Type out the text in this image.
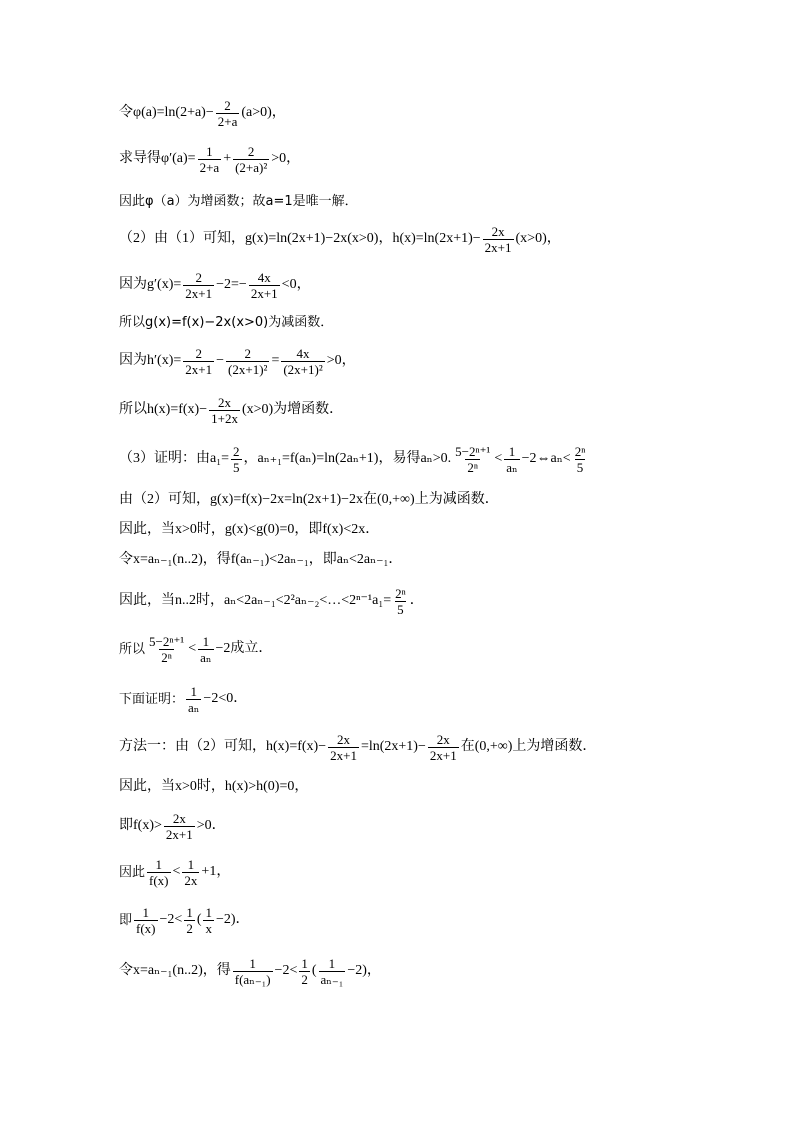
令$\varphi(a)=\ln(2+a)- \frac{2}{2+a} (a>0)$，
求导得$\varphi'(a)= \frac{1}{2+a} + \frac{2}{\text{(2+a)²}} >0$，
因此φ（a）为增函数；故a=1是唯一解．
（2）由（1）可知，g(x)=ln(2x+1)−2x(x>0)，$h(x)=\ln(2x+1)- \frac{2x}{2x+1} (x>0)$，
因为$g'(x)= \frac{2}{2x+1} -2=- \frac{4x}{2x+1} <0$，
所以g(x)=f(x)−2x(x>0)为减函数．
因为$h'(x)= \frac{2}{2x+1} - \frac{2}{\text{(2x+1)²}} = \frac{4x}{\text{(2x+1)²}} >0$，
所以$h(x)=f(x)- \frac{2x}{1+2x} (x>0)$为增函数．
（3）证明：由$a_1= \frac{2}{5}$ ，aₙ₊₁=f(aₙ)=ln(2aₙ+1)，易得aₙ>0. $\frac{\text{5−2ⁿ⁺¹}}{\text{2ⁿ}} < \frac{1}{\text{aₙ}}$ −2⇔aₙ< $\frac{\text{2ⁿ}}{5}$
由（2）可知，g(x)=f(x)−2x=ln(2x+1)−2x在(0,+∞)上为减函数．
因此，当x>0时，g(x)<g(0)=0，即f(x)<2x．
令x=aₙ₋₁(n..2)，得f(aₙ₋₁)<2aₙ₋₁，即aₙ<2aₙ₋₁．
因此，当n..2时，aₙ<2aₙ₋₁<2²aₙ₋₂<…<2ⁿ⁻¹a₁= $\frac{\text{2ⁿ}}{5}$ ．
所以 $\frac{\text{5−2ⁿ⁺¹}}{\text{2ⁿ}} < \frac{1}{\text{aₙ}} -2$成立．
下面证明： $\frac{1}{\text{aₙ}} -2<0$．
方法一：由（2）可知，$h(x)=f(x)- \frac{2x}{2x+1} =\ln(2x+1)- \frac{2x}{2x+1}$ 在(0,+∞)上为增函数．
因此，当x>0时，h(x)>h(0)=0，
即$f(x)> \frac{2x}{2x+1} >0$．
因此 $\frac{1}{f(x)} < \frac{1}{2x} +1$，
即 $\frac{1}{f(x)} -2< \frac{1}{2}$ ( $\frac{1}{x} -2$)．
令x=aₙ₋₁(n..2)，得 $\frac{1}{\text{f(aₙ₋₁)}} -2< \frac{1}{2}$ ( $\frac{1}{\text{aₙ₋₁}} -2$)，
